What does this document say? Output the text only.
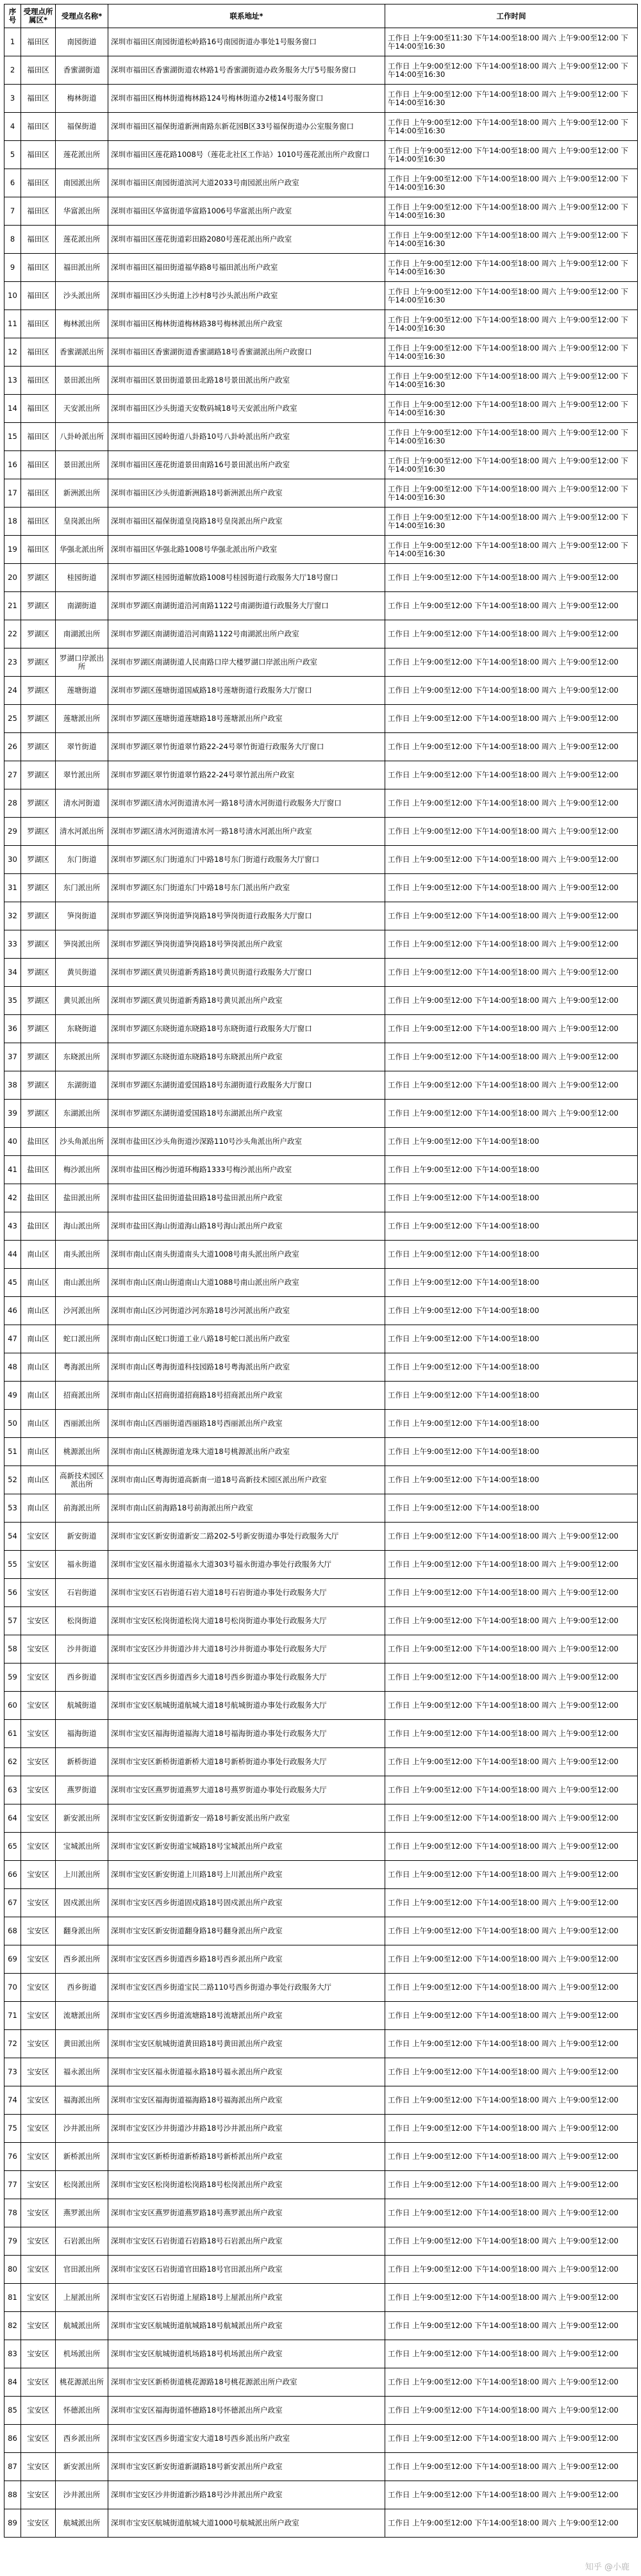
序号	受理点所属区*	受理点名称*	联系地址*	工作时间
1	福田区	南园街道	深圳市福田区南园街道松岭路16号南园街道办事处1号服务窗口	工作日 上午9:00至11:30 下午14:00至18:00 周六 上午9:00至12:00 下午14:00至16:30
2	福田区	香蜜湖街道	深圳市福田区香蜜湖街道农林路1号香蜜湖街道办政务服务大厅5号服务窗口	工作日 上午9:00至12:00 下午14:00至18:00 周六 上午9:00至12:00 下午14:00至16:30
3	福田区	梅林街道	深圳市福田区梅林街道梅林路124号梅林街道办2楼14号服务窗口	工作日 上午9:00至12:00 下午14:00至18:00 周六 上午9:00至12:00 下午14:00至16:30
4	福田区	福保街道	深圳市福田区福保街道新洲南路东新花园B区33号福保街道办公室服务窗口	工作日 上午9:00至12:00 下午14:00至18:00 周六 上午9:00至12:00 下午14:00至16:30
5	福田区	莲花派出所	深圳市福田区莲花路1008号（莲花北社区工作站）1010号莲花派出所户政窗口	工作日 上午9:00至12:00 下午14:00至18:00 周六 上午9:00至12:00 下午14:00至16:30
6	福田区	南园派出所	深圳市福田区南园街道滨河大道2033号南园派出所户政室	工作日 上午9:00至12:00 下午14:00至18:00 周六 上午9:00至12:00 下午14:00至16:30
7	福田区	华富派出所	深圳市福田区华富街道华富路1006号华富派出所户政室	工作日 上午9:00至12:00 下午14:00至18:00 周六 上午9:00至12:00 下午14:00至16:30
8	福田区	莲花派出所	深圳市福田区莲花街道彩田路2080号莲花派出所户政室	工作日 上午9:00至12:00 下午14:00至18:00 周六 上午9:00至12:00 下午14:00至16:30
9	福田区	福田派出所	深圳市福田区福田街道福华路8号福田派出所户政室	工作日 上午9:00至12:00 下午14:00至18:00 周六 上午9:00至12:00 下午14:00至16:30
10	福田区	沙头派出所	深圳市福田区沙头街道上沙村8号沙头派出所户政室	工作日 上午9:00至12:00 下午14:00至18:00 周六 上午9:00至12:00 下午14:00至16:30
11	福田区	梅林派出所	深圳市福田区梅林街道梅林路38号梅林派出所户政室	工作日 上午9:00至12:00 下午14:00至18:00 周六 上午9:00至12:00 下午14:00至16:30
12	福田区	香蜜湖派出所	深圳市福田区香蜜湖街道香蜜湖路18号香蜜湖派出所户政窗口	工作日 上午9:00至12:00 下午14:00至18:00 周六 上午9:00至12:00 下午14:00至16:30
13	福田区	景田派出所	深圳市福田区景田街道景田北路18号景田派出所户政室	工作日 上午9:00至12:00 下午14:00至18:00 周六 上午9:00至12:00 下午14:00至16:30
14	福田区	天安派出所	深圳市福田区沙头街道天安数码城18号天安派出所户政室	工作日 上午9:00至12:00 下午14:00至18:00 周六 上午9:00至12:00 下午14:00至16:30
15	福田区	八卦岭派出所	深圳市福田区园岭街道八卦路10号八卦岭派出所户政室	工作日 上午9:00至12:00 下午14:00至18:00 周六 上午9:00至12:00 下午14:00至16:30
16	福田区	景田派出所	深圳市福田区莲花街道景田南路16号景田派出所户政室	工作日 上午9:00至12:00 下午14:00至18:00 周六 上午9:00至12:00 下午14:00至16:30
17	福田区	新洲派出所	深圳市福田区沙头街道新洲路18号新洲派出所户政室	工作日 上午9:00至12:00 下午14:00至18:00 周六 上午9:00至12:00 下午14:00至16:30
18	福田区	皇岗派出所	深圳市福田区福保街道皇岗路18号皇岗派出所户政室	工作日 上午9:00至12:00 下午14:00至18:00 周六 上午9:00至12:00 下午14:00至16:30
19	福田区	华强北派出所	深圳市福田区华强北路1008号华强北派出所户政室	工作日 上午9:00至12:00 下午14:00至18:00 周六 上午9:00至12:00 下午14:00至16:30
20	罗湖区	桂园街道	深圳市罗湖区桂园街道解放路1008号桂园街道行政服务大厅18号窗口	工作日 上午9:00至12:00 下午14:00至18:00 周六 上午9:00至12:00
21	罗湖区	南湖街道	深圳市罗湖区南湖街道沿河南路1122号南湖街道行政服务大厅窗口	工作日 上午9:00至12:00 下午14:00至18:00 周六 上午9:00至12:00
22	罗湖区	南湖派出所	深圳市罗湖区南湖街道沿河南路1122号南湖派出所户政室	工作日 上午9:00至12:00 下午14:00至18:00 周六 上午9:00至12:00
23	罗湖区	罗湖口岸派出所	深圳市罗湖区南湖街道人民南路口岸大楼罗湖口岸派出所户政室	工作日 上午9:00至12:00 下午14:00至18:00 周六 上午9:00至12:00
24	罗湖区	莲塘街道	深圳市罗湖区莲塘街道国威路18号莲塘街道行政服务大厅窗口	工作日 上午9:00至12:00 下午14:00至18:00 周六 上午9:00至12:00
25	罗湖区	莲塘派出所	深圳市罗湖区莲塘街道莲塘路18号莲塘派出所户政室	工作日 上午9:00至12:00 下午14:00至18:00 周六 上午9:00至12:00
26	罗湖区	翠竹街道	深圳市罗湖区翠竹街道翠竹路22-24号翠竹街道行政服务大厅窗口	工作日 上午9:00至12:00 下午14:00至18:00 周六 上午9:00至12:00
27	罗湖区	翠竹派出所	深圳市罗湖区翠竹街道翠竹路22-24号翠竹派出所户政室	工作日 上午9:00至12:00 下午14:00至18:00 周六 上午9:00至12:00
28	罗湖区	清水河街道	深圳市罗湖区清水河街道清水河一路18号清水河街道行政服务大厅窗口	工作日 上午9:00至12:00 下午14:00至18:00 周六 上午9:00至12:00
29	罗湖区	清水河派出所	深圳市罗湖区清水河街道清水河一路18号清水河派出所户政室	工作日 上午9:00至12:00 下午14:00至18:00 周六 上午9:00至12:00
30	罗湖区	东门街道	深圳市罗湖区东门街道东门中路18号东门街道行政服务大厅窗口	工作日 上午9:00至12:00 下午14:00至18:00 周六 上午9:00至12:00
31	罗湖区	东门派出所	深圳市罗湖区东门街道东门中路18号东门派出所户政室	工作日 上午9:00至12:00 下午14:00至18:00 周六 上午9:00至12:00
32	罗湖区	笋岗街道	深圳市罗湖区笋岗街道笋岗路18号笋岗街道行政服务大厅窗口	工作日 上午9:00至12:00 下午14:00至18:00 周六 上午9:00至12:00
33	罗湖区	笋岗派出所	深圳市罗湖区笋岗街道笋岗路18号笋岗派出所户政室	工作日 上午9:00至12:00 下午14:00至18:00 周六 上午9:00至12:00
34	罗湖区	黄贝街道	深圳市罗湖区黄贝街道新秀路18号黄贝街道行政服务大厅窗口	工作日 上午9:00至12:00 下午14:00至18:00 周六 上午9:00至12:00
35	罗湖区	黄贝派出所	深圳市罗湖区黄贝街道新秀路18号黄贝派出所户政室	工作日 上午9:00至12:00 下午14:00至18:00 周六 上午9:00至12:00
36	罗湖区	东晓街道	深圳市罗湖区东晓街道东晓路18号东晓街道行政服务大厅窗口	工作日 上午9:00至12:00 下午14:00至18:00 周六 上午9:00至12:00
37	罗湖区	东晓派出所	深圳市罗湖区东晓街道东晓路18号东晓派出所户政室	工作日 上午9:00至12:00 下午14:00至18:00 周六 上午9:00至12:00
38	罗湖区	东湖街道	深圳市罗湖区东湖街道爱国路18号东湖街道行政服务大厅窗口	工作日 上午9:00至12:00 下午14:00至18:00 周六 上午9:00至12:00
39	罗湖区	东湖派出所	深圳市罗湖区东湖街道爱国路18号东湖派出所户政室	工作日 上午9:00至12:00 下午14:00至18:00 周六 上午9:00至12:00
40	盐田区	沙头角派出所	深圳市盐田区沙头角街道沙深路110号沙头角派出所户政室	工作日 上午9:00至12:00 下午14:00至18:00
41	盐田区	梅沙派出所	深圳市盐田区梅沙街道环梅路1333号梅沙派出所户政室	工作日 上午9:00至12:00 下午14:00至18:00
42	盐田区	盐田派出所	深圳市盐田区盐田街道盐田路18号盐田派出所户政室	工作日 上午9:00至12:00 下午14:00至18:00
43	盐田区	海山派出所	深圳市盐田区海山街道海山路18号海山派出所户政室	工作日 上午9:00至12:00 下午14:00至18:00
44	南山区	南头派出所	深圳市南山区南头街道南头大道1008号南头派出所户政室	工作日 上午9:00至12:00 下午14:00至18:00
45	南山区	南山派出所	深圳市南山区南山街道南山大道1088号南山派出所户政室	工作日 上午9:00至12:00 下午14:00至18:00
46	南山区	沙河派出所	深圳市南山区沙河街道沙河东路18号沙河派出所户政室	工作日 上午9:00至12:00 下午14:00至18:00
47	南山区	蛇口派出所	深圳市南山区蛇口街道工业八路18号蛇口派出所户政室	工作日 上午9:00至12:00 下午14:00至18:00
48	南山区	粤海派出所	深圳市南山区粤海街道科技园路18号粤海派出所户政室	工作日 上午9:00至12:00 下午14:00至18:00
49	南山区	招商派出所	深圳市南山区招商街道招商路18号招商派出所户政室	工作日 上午9:00至12:00 下午14:00至18:00
50	南山区	西丽派出所	深圳市南山区西丽街道西丽路18号西丽派出所户政室	工作日 上午9:00至12:00 下午14:00至18:00
51	南山区	桃源派出所	深圳市南山区桃源街道龙珠大道18号桃源派出所户政室	工作日 上午9:00至12:00 下午14:00至18:00
52	南山区	高新技术园区派出所	深圳市南山区粤海街道高新南一道18号高新技术园区派出所户政室	工作日 上午9:00至12:00 下午14:00至18:00
53	南山区	前海派出所	深圳市南山区前海路18号前海派出所户政室	工作日 上午9:00至12:00 下午14:00至18:00
54	宝安区	新安街道	深圳市宝安区新安街道新安二路202-5号新安街道办事处行政服务大厅	工作日 上午9:00至12:00 下午14:00至18:00 周六 上午9:00至12:00
55	宝安区	福永街道	深圳市宝安区福永街道福永大道303号福永街道办事处行政服务大厅	工作日 上午9:00至12:00 下午14:00至18:00 周六 上午9:00至12:00
56	宝安区	石岩街道	深圳市宝安区石岩街道石岩大道18号石岩街道办事处行政服务大厅	工作日 上午9:00至12:00 下午14:00至18:00 周六 上午9:00至12:00
57	宝安区	松岗街道	深圳市宝安区松岗街道松岗大道18号松岗街道办事处行政服务大厅	工作日 上午9:00至12:00 下午14:00至18:00 周六 上午9:00至12:00
58	宝安区	沙井街道	深圳市宝安区沙井街道沙井大道18号沙井街道办事处行政服务大厅	工作日 上午9:00至12:00 下午14:00至18:00 周六 上午9:00至12:00
59	宝安区	西乡街道	深圳市宝安区西乡街道西乡大道18号西乡街道办事处行政服务大厅	工作日 上午9:00至12:00 下午14:00至18:00 周六 上午9:00至12:00
60	宝安区	航城街道	深圳市宝安区航城街道航城大道18号航城街道办事处行政服务大厅	工作日 上午9:00至12:00 下午14:00至18:00 周六 上午9:00至12:00
61	宝安区	福海街道	深圳市宝安区福海街道福海大道18号福海街道办事处行政服务大厅	工作日 上午9:00至12:00 下午14:00至18:00 周六 上午9:00至12:00
62	宝安区	新桥街道	深圳市宝安区新桥街道新桥大道18号新桥街道办事处行政服务大厅	工作日 上午9:00至12:00 下午14:00至18:00 周六 上午9:00至12:00
63	宝安区	燕罗街道	深圳市宝安区燕罗街道燕罗大道18号燕罗街道办事处行政服务大厅	工作日 上午9:00至12:00 下午14:00至18:00 周六 上午9:00至12:00
64	宝安区	新安派出所	深圳市宝安区新安街道新安一路18号新安派出所户政室	工作日 上午9:00至12:00 下午14:00至18:00 周六 上午9:00至12:00
65	宝安区	宝城派出所	深圳市宝安区新安街道宝城路18号宝城派出所户政室	工作日 上午9:00至12:00 下午14:00至18:00 周六 上午9:00至12:00
66	宝安区	上川派出所	深圳市宝安区新安街道上川路18号上川派出所户政室	工作日 上午9:00至12:00 下午14:00至18:00 周六 上午9:00至12:00
67	宝安区	固戍派出所	深圳市宝安区西乡街道固戍路18号固戍派出所户政室	工作日 上午9:00至12:00 下午14:00至18:00 周六 上午9:00至12:00
68	宝安区	翻身派出所	深圳市宝安区新安街道翻身路18号翻身派出所户政室	工作日 上午9:00至12:00 下午14:00至18:00 周六 上午9:00至12:00
69	宝安区	西乡派出所	深圳市宝安区西乡街道西乡路18号西乡派出所户政室	工作日 上午9:00至12:00 下午14:00至18:00 周六 上午9:00至12:00
70	宝安区	西乡街道	深圳市宝安区西乡街道宝民二路110号西乡街道办事处行政服务大厅	工作日 上午9:00至12:00 下午14:00至18:00 周六 上午9:00至12:00
71	宝安区	流塘派出所	深圳市宝安区西乡街道流塘路18号流塘派出所户政室	工作日 上午9:00至12:00 下午14:00至18:00 周六 上午9:00至12:00
72	宝安区	黄田派出所	深圳市宝安区航城街道黄田路18号黄田派出所户政室	工作日 上午9:00至12:00 下午14:00至18:00 周六 上午9:00至12:00
73	宝安区	福永派出所	深圳市宝安区福永街道福永路18号福永派出所户政室	工作日 上午9:00至12:00 下午14:00至18:00 周六 上午9:00至12:00
74	宝安区	福海派出所	深圳市宝安区福海街道福海路18号福海派出所户政室	工作日 上午9:00至12:00 下午14:00至18:00 周六 上午9:00至12:00
75	宝安区	沙井派出所	深圳市宝安区沙井街道沙井路18号沙井派出所户政室	工作日 上午9:00至12:00 下午14:00至18:00 周六 上午9:00至12:00
76	宝安区	新桥派出所	深圳市宝安区新桥街道新桥路18号新桥派出所户政室	工作日 上午9:00至12:00 下午14:00至18:00 周六 上午9:00至12:00
77	宝安区	松岗派出所	深圳市宝安区松岗街道松岗路18号松岗派出所户政室	工作日 上午9:00至12:00 下午14:00至18:00 周六 上午9:00至12:00
78	宝安区	燕罗派出所	深圳市宝安区燕罗街道燕罗路18号燕罗派出所户政室	工作日 上午9:00至12:00 下午14:00至18:00 周六 上午9:00至12:00
79	宝安区	石岩派出所	深圳市宝安区石岩街道石岩路18号石岩派出所户政室	工作日 上午9:00至12:00 下午14:00至18:00 周六 上午9:00至12:00
80	宝安区	官田派出所	深圳市宝安区石岩街道官田路18号官田派出所户政室	工作日 上午9:00至12:00 下午14:00至18:00 周六 上午9:00至12:00
81	宝安区	上屋派出所	深圳市宝安区石岩街道上屋路18号上屋派出所户政室	工作日 上午9:00至12:00 下午14:00至18:00 周六 上午9:00至12:00
82	宝安区	航城派出所	深圳市宝安区航城街道航城路18号航城派出所户政室	工作日 上午9:00至12:00 下午14:00至18:00 周六 上午9:00至12:00
83	宝安区	机场派出所	深圳市宝安区航城街道机场路18号机场派出所户政室	工作日 上午9:00至12:00 下午14:00至18:00 周六 上午9:00至12:00
84	宝安区	桃花源派出所	深圳市宝安区新桥街道桃花源路18号桃花源派出所户政室	工作日 上午9:00至12:00 下午14:00至18:00 周六 上午9:00至12:00
85	宝安区	怀德派出所	深圳市宝安区福海街道怀德路18号怀德派出所户政室	工作日 上午9:00至12:00 下午14:00至18:00 周六 上午9:00至12:00
86	宝安区	西乡派出所	深圳市宝安区西乡街道宝安大道18号西乡派出所户政室	工作日 上午9:00至12:00 下午14:00至18:00 周六 上午9:00至12:00
87	宝安区	新安派出所	深圳市宝安区新安街道新湖路18号新安派出所户政室	工作日 上午9:00至12:00 下午14:00至18:00 周六 上午9:00至12:00
88	宝安区	沙井派出所	深圳市宝安区沙井街道新沙路18号沙井派出所户政室	工作日 上午9:00至12:00 下午14:00至18:00 周六 上午9:00至12:00
89	宝安区	航城派出所	深圳市宝安区航城街道航城大道1000号航城派出所户政室	工作日 上午9:00至12:00 下午14:00至18:00 周六 上午9:00至12:00
知乎 @小鹿
